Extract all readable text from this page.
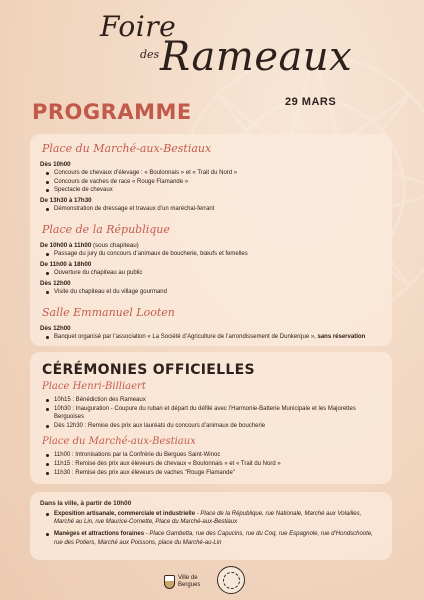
Foire
des Rameaux
29 MARS
PROGRAMME
Place du Marché-aux-Bestiaux
Dès 10h00
Concours de chevaux d’élevage : « Boulonnais » et « Trait du Nord »
Concours de vaches de race « Rouge Flamande »
Spectacle de chevaux
De 13h30 à 17h30
Démonstration de dressage et travaux d’un maréchal-ferrant
Place de la République
De 10h00 à 11h00 (sous chapiteau)
Passage du jury du concours d’animaux de boucherie, bœufs et femelles
De 11h00 à 18h00
Ouverture du chapiteau au public
Dès 12h00
Visite du chapiteau et du village gourmand
Salle Emmanuel Looten
Dès 12h00
Banquet organisé par l’association « La Société d’Agriculture de l’arrondissement de Dunkerque », sans réservation
CÉRÉMONIES OFFICIELLES
Place Henri-Billiaert
10h15 : Bénédiction des Rameaux
10h30 : Inauguration - Coupure du ruban et départ du défilé avec l’Harmonie-Batterie Municipale et les Majorettes Berguoises
Dès 12h30 : Remise des prix aux lauréats du concours d’animaux de boucherie
Place du Marché-aux-Bestiaux
11h00 : Intronisations par la Confrérie du Bergues Saint-Winoc
11h15 : Remise des prix aux éleveurs de chevaux « Boulonnais » et « Trait du Nord »
11h30 : Remise des prix aux éleveurs de vaches "Rouge Flamande"
Dans la ville, à partir de 10h00
Exposition artisanale, commerciale et industrielle - Place de la République, rue Nationale, Marché aux Volailles, Marché au Lin, rue Maurice-Cornette, Place du Marché-aux-Bestiaux
Manèges et attractions foraines - Place Gambetta, rue des Capucins, rue du Coq, rue Espagnole, rue d’Hondschoote, rue des Potiers, Marché aux Poissons, place du Marché-au-Lin
Ville de
Bergues
